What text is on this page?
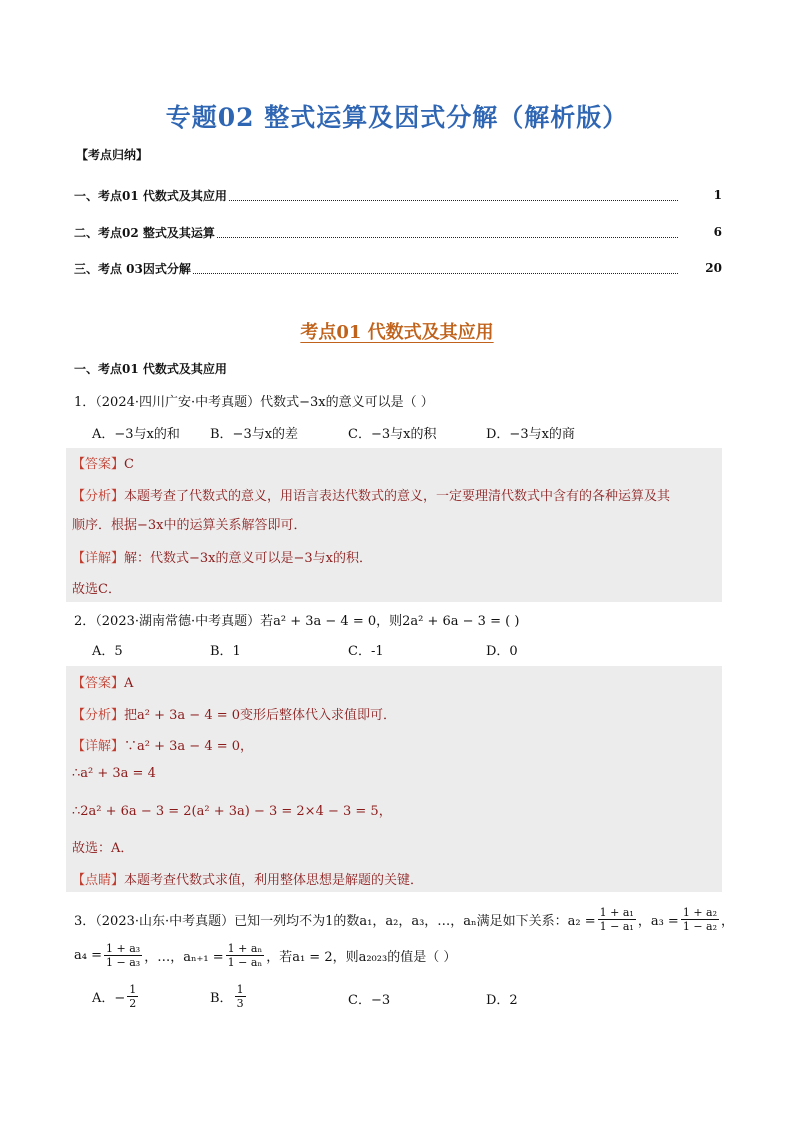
专题02 整式运算及因式分解（解析版）
【考点归纳】
一、考点01 代数式及其应用	1
二、考点02 整式及其运算	6
三、考点 03因式分解	20
考点01 代数式及其应用
一、考点01 代数式及其应用
1．（2024·四川广安·中考真题）代数式−3x的意义可以是（ ）
A．−3与x的和 B．−3与x的差	C．−3与x的积	D．−3与x的商
【答案】C
【分析】本题考查了代数式的意义，用语言表达代数式的意义，一定要理清代数式中含有的各种运算及其
顺序．根据−3x中的运算关系解答即可．
【详解】解：代数式−3x的意义可以是−3与x的积．
故选C．
2．（2023·湖南常德·中考真题）若a² + 3a − 4 = 0，则2a² + 6a − 3 = ( )
A．5	B．1	C．-1	D．0
【答案】A
【分析】把a² + 3a − 4 = 0变形后整体代入求值即可．
【详解】∵a² + 3a − 4 = 0，
∴a² + 3a = 4
∴2a² + 6a − 3 = 2(a² + 3a) − 3 = 2×4 − 3 = 5，
故选：A．
【点睛】本题考查代数式求值，利用整体思想是解题的关键．
3．（2023·山东·中考真题）已知一列均不为1的数a₁，a₂，a₃，…，aₙ满足如下关系：$a_2 = \frac{\text{1 + a₁}}{\text{1 − a₁}}$ ，$a_3 = \frac{\text{1 + a₂}}{\text{1 − a₂}}$ ，
$a_4 = \frac{\text{1 + a₃}}{\text{1 − a₃}}$ ，…，$a_{n+1} = \frac{\text{1 + aₙ}}{\text{1 − aₙ}}$ ，若a₁ = 2，则a₂₀₂₃的值是（ ）
A．− $\frac{1}{2}$	B． $\frac{1}{3}$	C．−3	D．2
